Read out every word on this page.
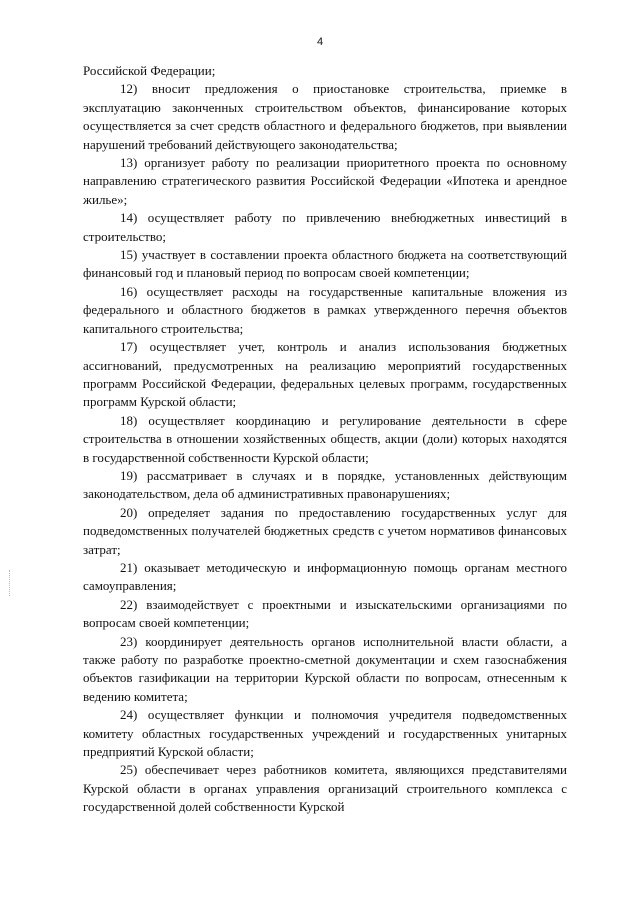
4

Российской Федерации;

12) вносит предложения о приостановке строительства, приемке в эксплуатацию законченных строительством объектов, финансирование которых осуществляется за счет средств областного и федерального бюджетов, при выявлении нарушений требований действующего законодательства;

13) организует работу по реализации приоритетного проекта по основному направлению стратегического развития Российской Федерации «Ипотека и арендное жилье»;

14) осуществляет работу по привлечению внебюджетных инвестиций в строительство;

15) участвует в составлении проекта областного бюджета на соответствующий финансовый год и плановый период по вопросам своей компетенции;

16) осуществляет расходы на государственные капитальные вложения из федерального и областного бюджетов в рамках утвержденного перечня объектов капитального строительства;

17) осуществляет учет, контроль и анализ использования бюджетных ассигнований, предусмотренных на реализацию мероприятий государственных программ Российской Федерации, федеральных целевых программ, государственных программ Курской области;

18) осуществляет координацию и регулирование деятельности в сфере строительства в отношении хозяйственных обществ, акции (доли) которых находятся в государственной собственности Курской области;

19) рассматривает в случаях и в порядке, установленных действующим законодательством, дела об административных правонарушениях;

20) определяет задания по предоставлению государственных услуг для подведомственных получателей бюджетных средств с учетом нормативов финансовых затрат;

21) оказывает методическую и информационную помощь органам местного самоуправления;

22) взаимодействует с проектными и изыскательскими организациями по вопросам своей компетенции;

23) координирует деятельность органов исполнительной власти области, а также работу по разработке проектно-сметной документации и схем газоснабжения объектов газификации на территории Курской области по вопросам, отнесенным к ведению комитета;

24) осуществляет функции и полномочия учредителя подведомственных комитету областных государственных учреждений и государственных унитарных предприятий Курской области;

25) обеспечивает через работников комитета, являющихся представителями Курской области в органах управления организаций строительного комплекса с государственной долей собственности Курской
